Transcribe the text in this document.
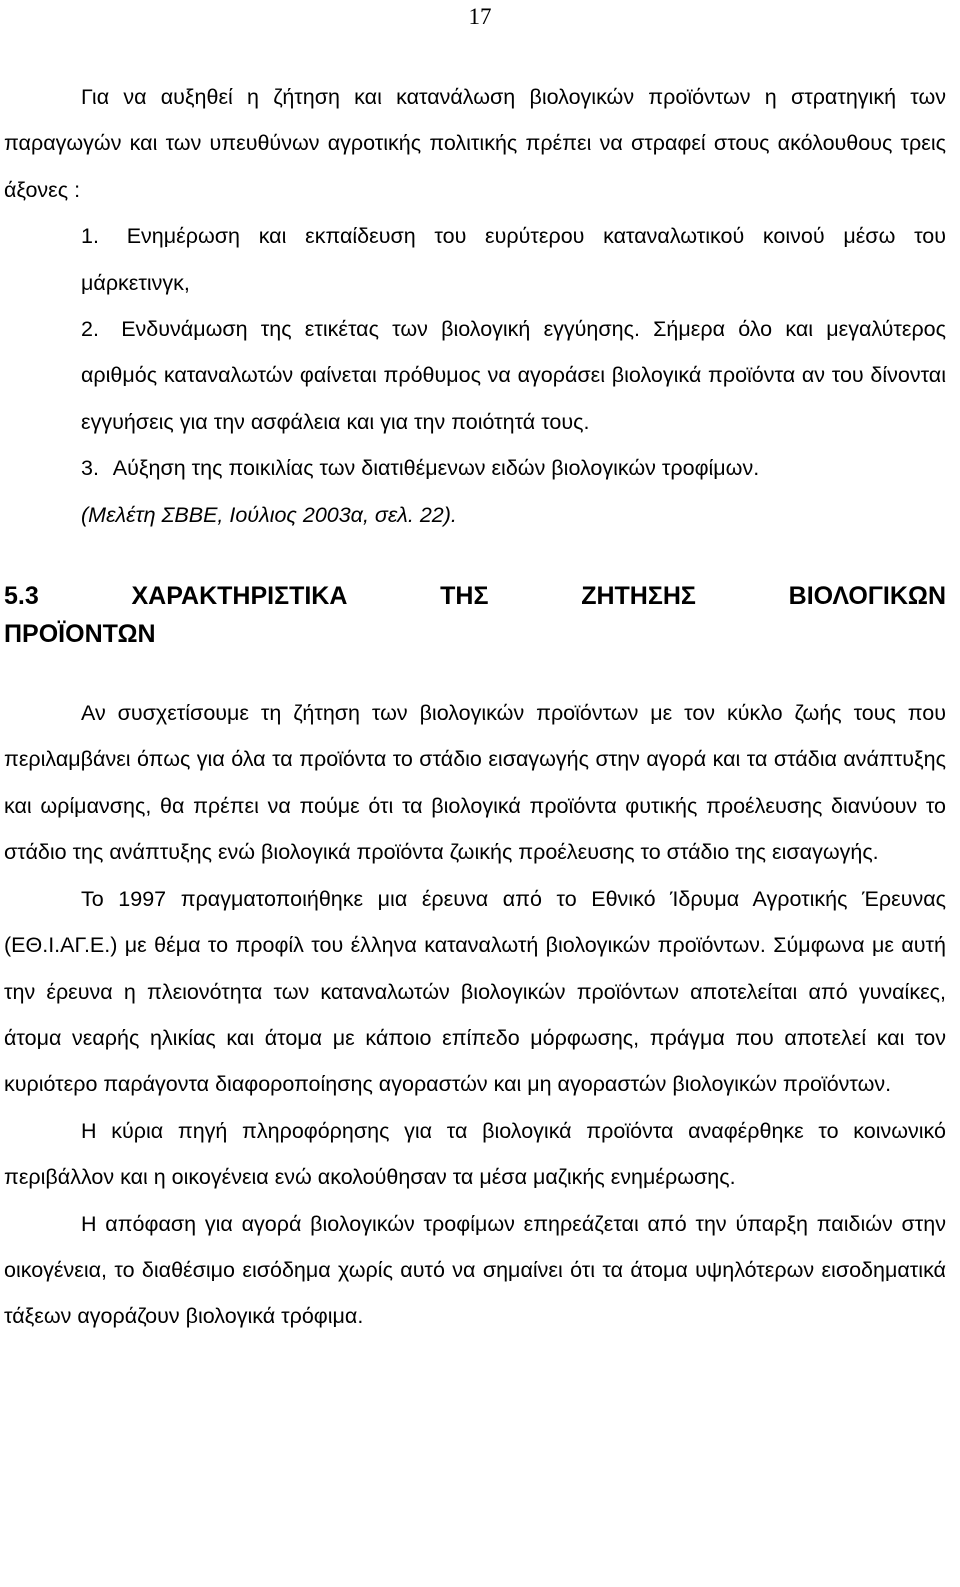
17

Για να αυξηθεί η ζήτηση και κατανάλωση βιολογικών προϊόντων η στρατηγική των παραγωγών και των υπευθύνων αγροτικής πολιτικής πρέπει να στραφεί στους ακόλουθους τρεις άξονες :

1. Ενημέρωση και εκπαίδευση του ευρύτερου καταναλωτικού κοινού μέσω του μάρκετινγκ,
2. Ενδυνάμωση της ετικέτας των βιολογική εγγύησης. Σήμερα όλο και μεγαλύτερος αριθμός καταναλωτών φαίνεται πρόθυμος να αγοράσει βιολογικά προϊόντα αν του δίνονται εγγυήσεις για την ασφάλεια και για την ποιότητά τους.
3. Αύξηση της ποικιλίας των διατιθέμενων ειδών βιολογικών τροφίμων.

(Μελέτη ΣΒΒΕ, Ιούλιος 2003α, σελ. 22).

5.3 ΧΑΡΑΚΤΗΡΙΣΤΙΚΑ ΤΗΣ ΖΗΤΗΣΗΣ ΒΙΟΛΟΓΙΚΩΝ
ΠΡΟΪΟΝΤΩΝ

Αν συσχετίσουμε τη ζήτηση των βιολογικών προϊόντων με τον κύκλο ζωής τους που περιλαμβάνει όπως για όλα τα προϊόντα το στάδιο εισαγωγής στην αγορά και τα στάδια ανάπτυξης και ωρίμανσης, θα πρέπει να πούμε ότι τα βιολογικά προϊόντα φυτικής προέλευσης διανύουν το στάδιο της ανάπτυξης ενώ βιολογικά προϊόντα ζωικής προέλευσης το στάδιο της εισαγωγής.

Το 1997 πραγματοποιήθηκε μια έρευνα από το Εθνικό Ίδρυμα Αγροτικής Έρευνας (ΕΘ.Ι.ΑΓ.Ε.) με θέμα το προφίλ του έλληνα καταναλωτή βιολογικών προϊόντων. Σύμφωνα με αυτή την έρευνα η πλειονότητα των καταναλωτών βιολογικών προϊόντων αποτελείται από γυναίκες, άτομα νεαρής ηλικίας και άτομα με κάποιο επίπεδο μόρφωσης, πράγμα που αποτελεί και τον κυριότερο παράγοντα διαφοροποίησης αγοραστών και μη αγοραστών βιολογικών προϊόντων.

Η κύρια πηγή πληροφόρησης για τα βιολογικά προϊόντα αναφέρθηκε το κοινωνικό περιβάλλον και η οικογένεια ενώ ακολούθησαν τα μέσα μαζικής ενημέρωσης.

Η απόφαση για αγορά βιολογικών τροφίμων επηρεάζεται από την ύπαρξη παιδιών στην οικογένεια, το διαθέσιμο εισόδημα χωρίς αυτό να σημαίνει ότι τα άτομα υψηλότερων εισοδηματικά τάξεων αγοράζουν βιολογικά τρόφιμα.
